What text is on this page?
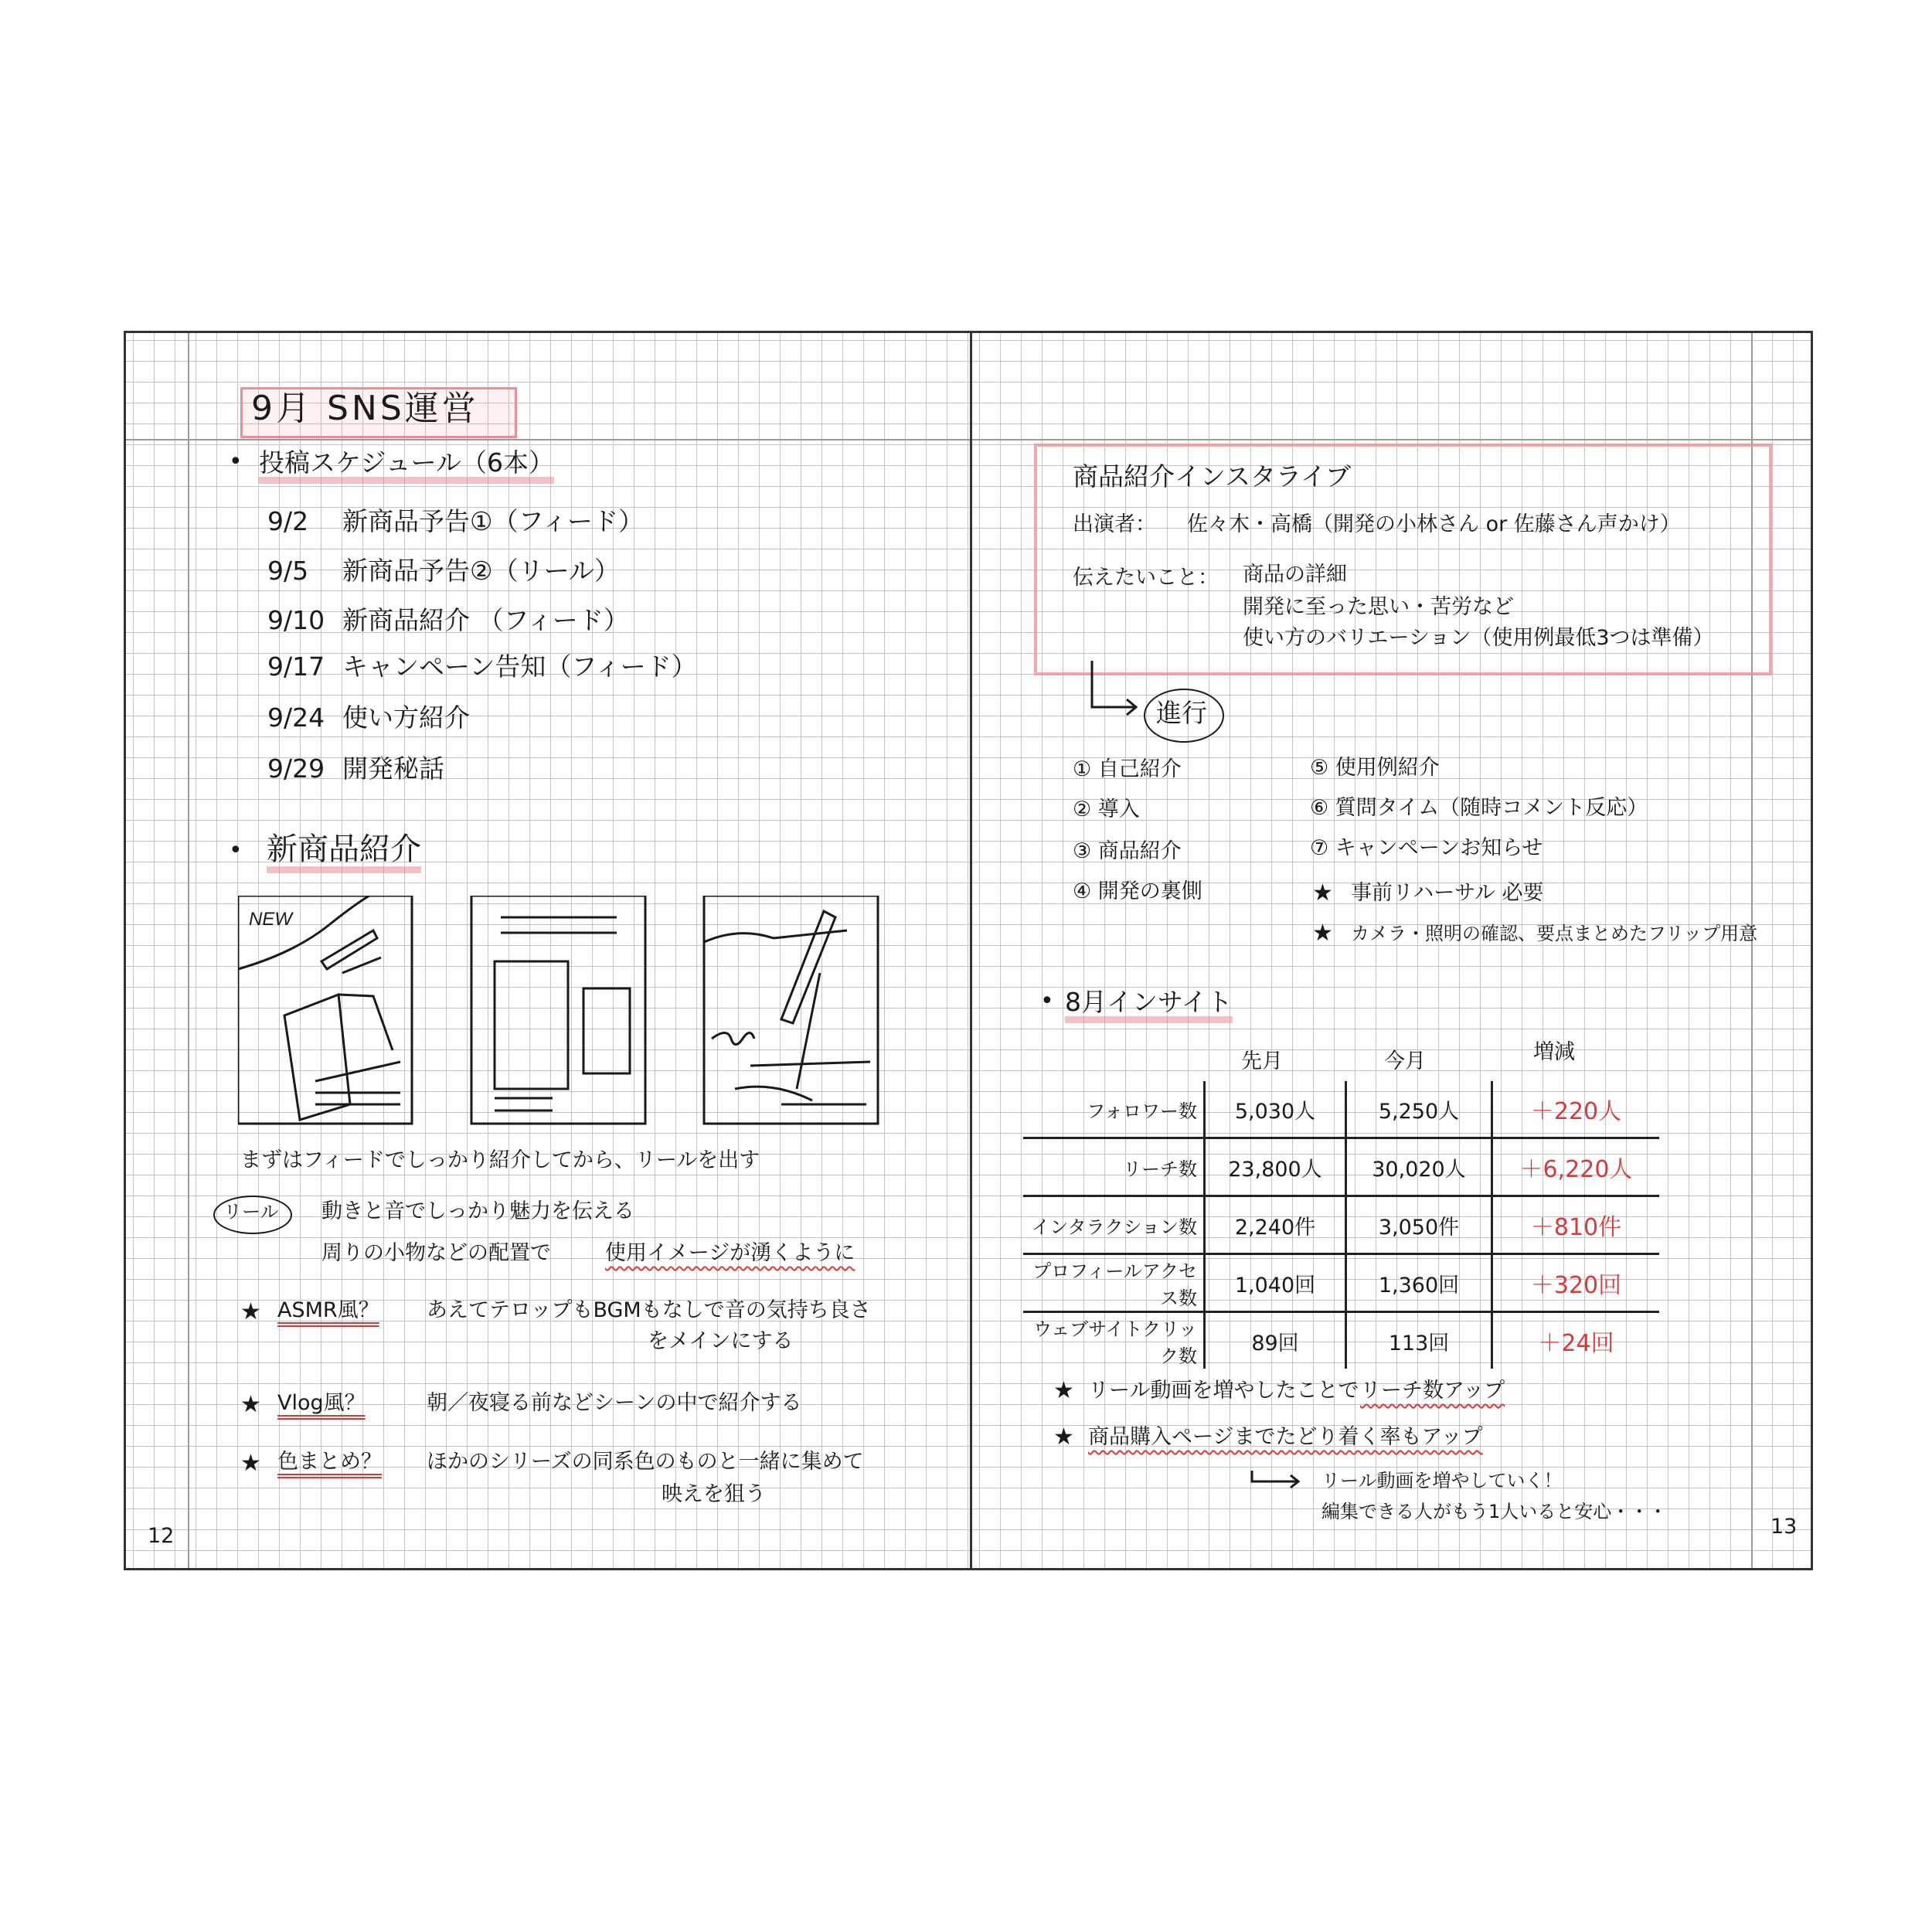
9月 SNS運営
• 投稿スケジュール（6本）
9/2 新商品予告①（フィード）
9/5 新商品予告②（リール）
9/10 新商品紹介 （フィード）
9/17 キャンペーン告知（フィード）
9/24 使い方紹介
9/29 開発秘話
• 新商品紹介
NEW
まずはフィードでしっかり紹介してから、リールを出す
リール 動きと音でしっかり魅力を伝える
周りの小物などの配置で	使用イメージが湧くように
★ ASMR風？ あえてテロップもBGMもなしで音の気持ち良さ
をメインにする
★ Vlog風？	朝／夜寝る前などシーンの中で紹介する
★ 色まとめ？ ほかのシリーズの同系色のものと一緒に集めて
映えを狙う
12
商品紹介インスタライブ
出演者： 佐々木・高橋（開発の小林さん or 佐藤さん声かけ）
伝えたいこと： 商品の詳細
開発に至った思い・苦労など
使い方のバリエーション（使用例最低3つは準備）
進行
① 自己紹介
② 導入
③ 商品紹介
④ 開発の裏側
⑤ 使用例紹介
⑥ 質問タイム（随時コメント反応）
⑦ キャンペーンお知らせ
★ 事前リハーサル 必要
★ カメラ・照明の確認、要点まとめたフリップ用意
• 8月インサイト
先月	今月	増減
フォロワー数	5,030人	5,250人	＋220人
リーチ数	23,800人	30,020人	＋6,220人
インタラクション数	2,240件	3,050件	＋810件
プロフィールアクセス数	1,040回	1,360回	＋320回
ウェブサイトクリック数	89回	113回	＋24回
★ リール動画を増やしたことで リーチ数アップ
★ 商品購入ページまでたどり着く率もアップ
リール動画を増やしていく！
編集できる人がもう1人いると安心・・・
13
